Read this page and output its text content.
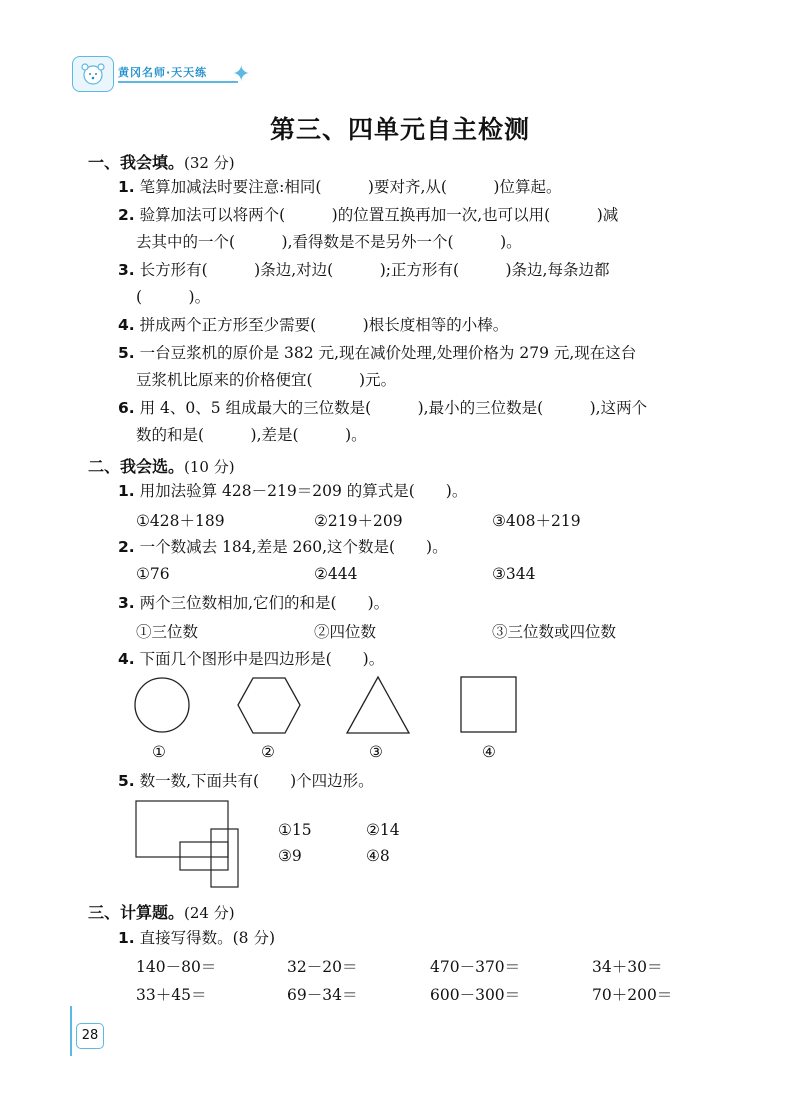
黄冈名师·天天练 ✦
第三、四单元自主检测
一、我会填。(32 分)
1. 笔算加减法时要注意:相同(　　　)要对齐,从(　　　)位算起。
2. 验算加法可以将两个(　　　)的位置互换再加一次,也可以用(　　　)减
去其中的一个(　　　),看得数是不是另外一个(　　　)。
3. 长方形有(　　　)条边,对边(　　　);正方形有(　　　)条边,每条边都
(　　　)。
4. 拼成两个正方形至少需要(　　　)根长度相等的小棒。
5. 一台豆浆机的原价是 382 元,现在减价处理,处理价格为 279 元,现在这台
豆浆机比原来的价格便宜(　　　)元。
6. 用 4、0、5 组成最大的三位数是(　　　),最小的三位数是(　　　),这两个
数的和是(　　　),差是(　　　)。
二、我会选。(10 分)
1. 用加法验算 428－219＝209 的算式是(　　)。
①428＋189	②219＋209	③408＋219
2. 一个数减去 184,差是 260,这个数是(　　)。
①76	②444	③344
3. 两个三位数相加,它们的和是(　　)。
①三位数	②四位数	③三位数或四位数
4. 下面几个图形中是四边形是(　　)。
①	②	③	④
5. 数一数,下面共有(　　)个四边形。
①15	②14
③9	④8
三、计算题。(24 分)
1. 直接写得数。(8 分)
140－80＝	32－20＝	470－370＝	34＋30＝
33＋45＝	69－34＝	600－300＝	70＋200＝
28
